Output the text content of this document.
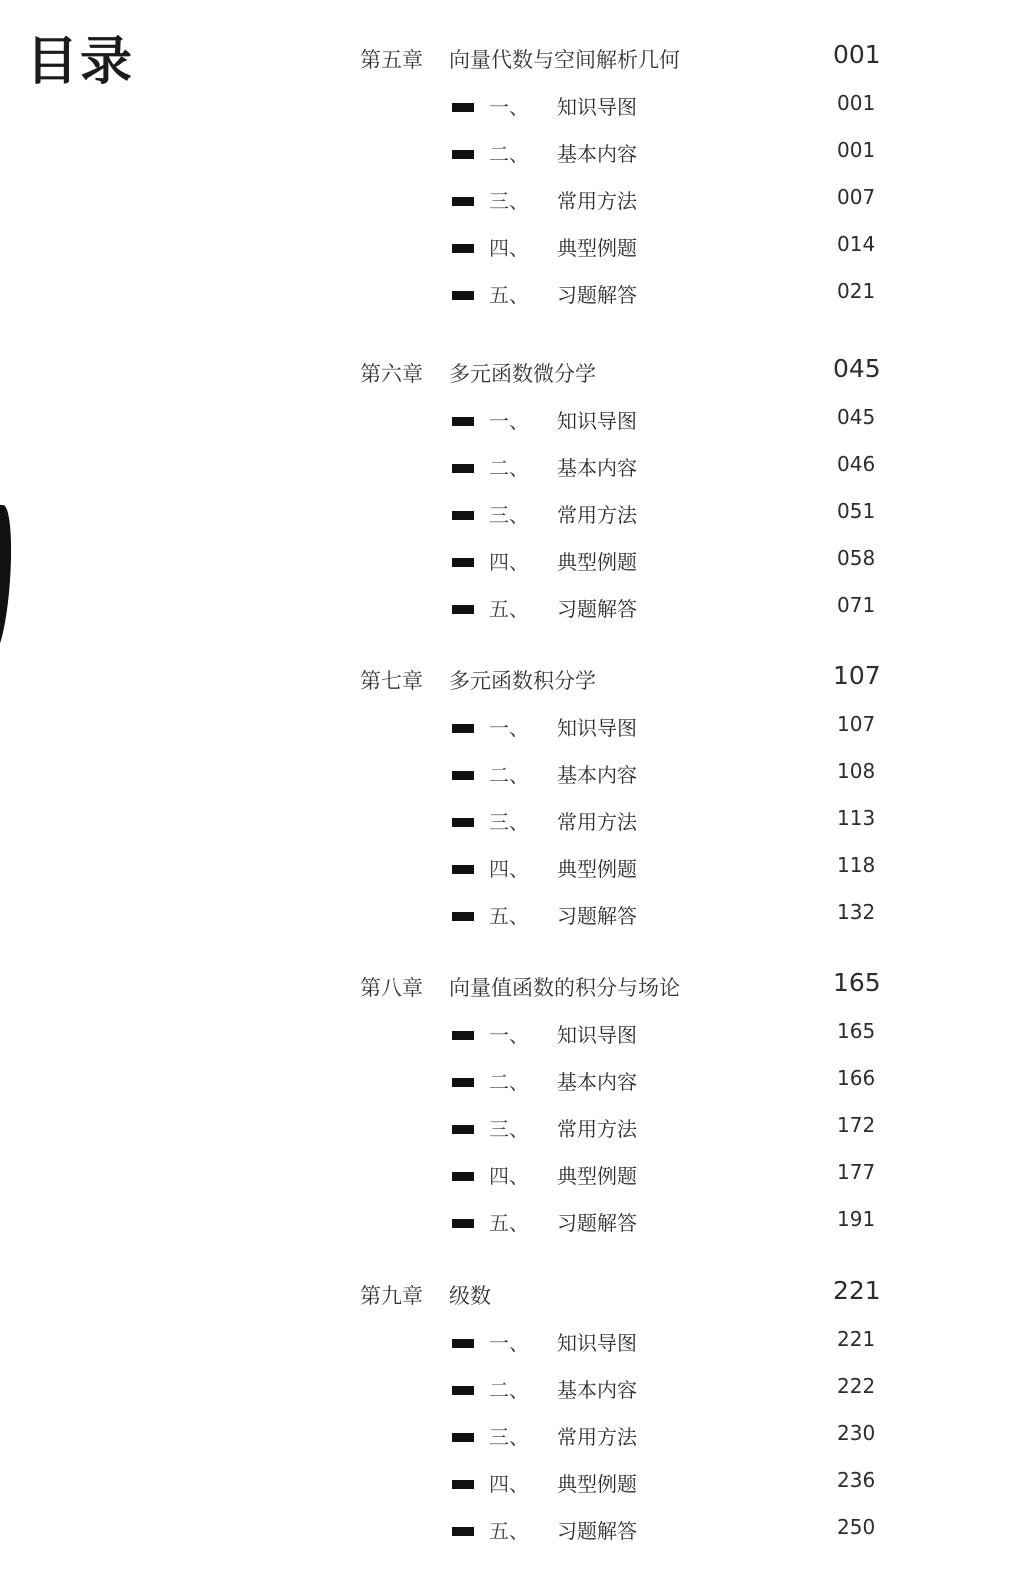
目录	第五章 向量代数与空间解析几何	001
一、 知识导图	001
二、 基本内容	001
三、 常用方法	007
四、 典型例题	014
五、 习题解答	021
第六章 多元函数微分学	045
一、 知识导图	045
二、 基本内容	046
三、 常用方法	051
四、 典型例题	058
五、 习题解答	071
第七章 多元函数积分学	107
一、 知识导图	107
二、 基本内容	108
三、 常用方法	113
四、 典型例题	118
五、 习题解答	132
第八章 向量值函数的积分与场论	165
一、 知识导图	165
二、 基本内容	166
三、 常用方法	172
四、 典型例题	177
五、 习题解答	191
第九章 级数	221
一、 知识导图	221
二、 基本内容	222
三、 常用方法	230
四、 典型例题	236
五、 习题解答	250
